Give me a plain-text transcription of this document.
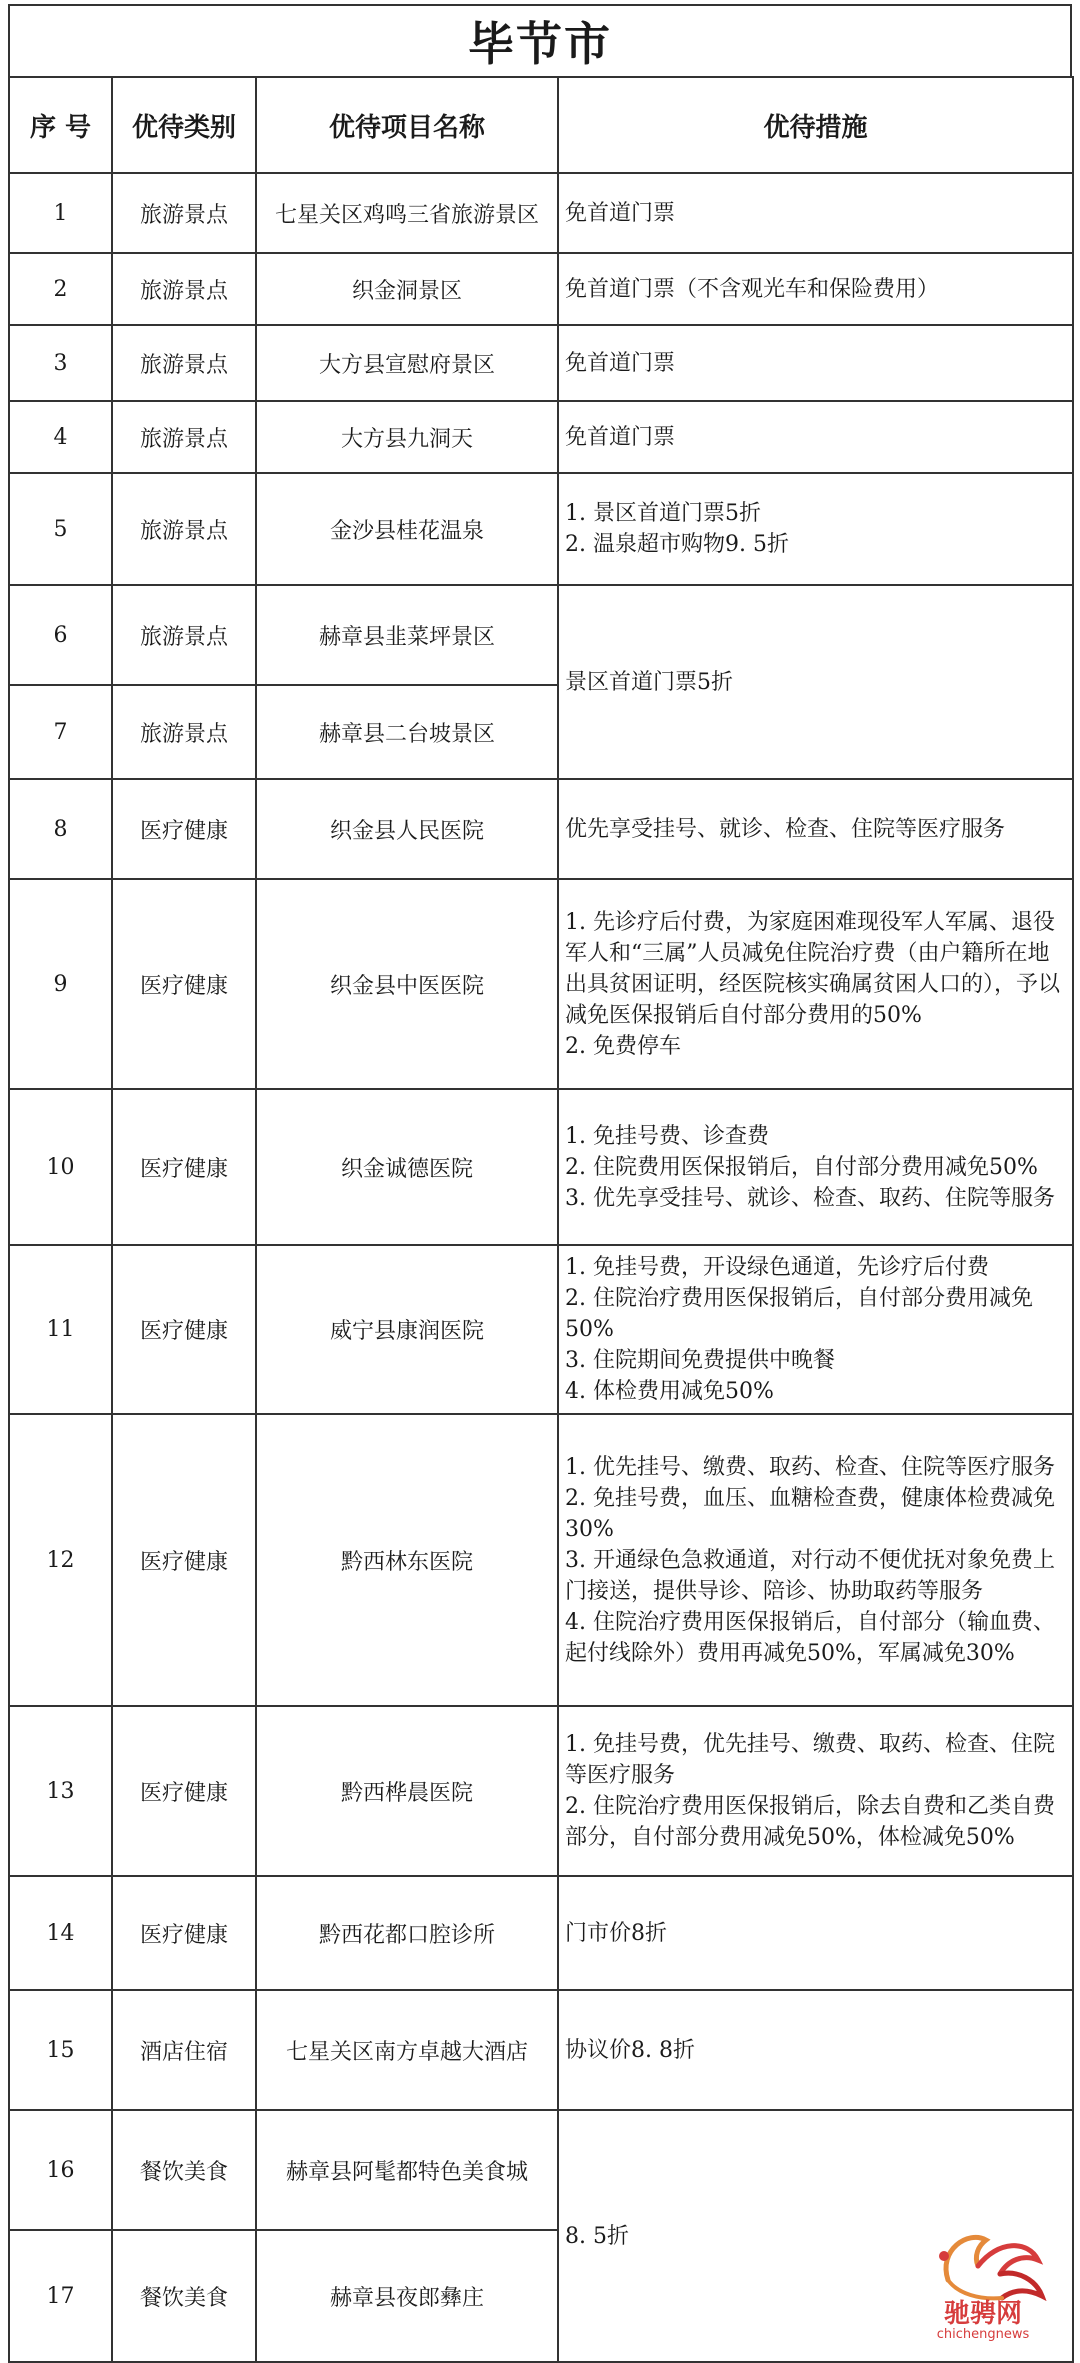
毕节市
序 号	优待类别	优待项目名称	优待措施
1	旅游景点	七星关区鸡鸣三省旅游景区	免首道门票

2	旅游景点	织金洞景区	免首道门票（不含观光车和保险费用）

3	旅游景点	大方县宣慰府景区	免首道门票

4	旅游景点	大方县九洞天	免首道门票

5	旅游景点	金沙县桂花温泉	1. 景区首道门票5折
2. 温泉超市购物9. 5折

6	旅游景点	赫章县韭菜坪景区	景区首道门票5折

7	旅游景点	赫章县二台坡景区	
8	医疗健康	织金县人民医院	优先享受挂号、就诊、检查、住院等医疗服务

9	医疗健康	织金县中医医院	1. 先诊疗后付费，为家庭困难现役军人军属、退役军人和“三属”人员减免住院治疗费（由户籍所在地出具贫困证明，经医院核实确属贫困人口的），予以减免医保报销后自付部分费用的50%
2. 免费停车

10	医疗健康	织金诚德医院	1. 免挂号费、诊查费
2. 住院费用医保报销后，自付部分费用减免50%
3. 优先享受挂号、就诊、检查、取药、住院等服务

11	医疗健康	威宁县康润医院	1. 免挂号费，开设绿色通道，先诊疗后付费
2. 住院治疗费用医保报销后，自付部分费用减免50%
3. 住院期间免费提供中晚餐
4. 体检费用减免50%

12	医疗健康	黔西林东医院	1. 优先挂号、缴费、取药、检查、住院等医疗服务
2. 免挂号费，血压、血糖检查费，健康体检费减免30%
3. 开通绿色急救通道，对行动不便优抚对象免费上门接送，提供导诊、陪诊、协助取药等服务
4. 住院治疗费用医保报销后，自付部分（输血费、起付线除外）费用再减免50%，军属减免30%

13	医疗健康	黔西桦晨医院	1. 免挂号费，优先挂号、缴费、取药、检查、住院等医疗服务
2. 住院治疗费用医保报销后，除去自费和乙类自费部分，自付部分费用减免50%，体检减免50%

14	医疗健康	黔西花都口腔诊所	门市价8折

15	酒店住宿	七星关区南方卓越大酒店	协议价8. 8折

16	餐饮美食	赫章县阿髦都特色美食城	8. 5折

17	餐饮美食	赫章县夜郎彝庄	
驰骋网
chichengnews
